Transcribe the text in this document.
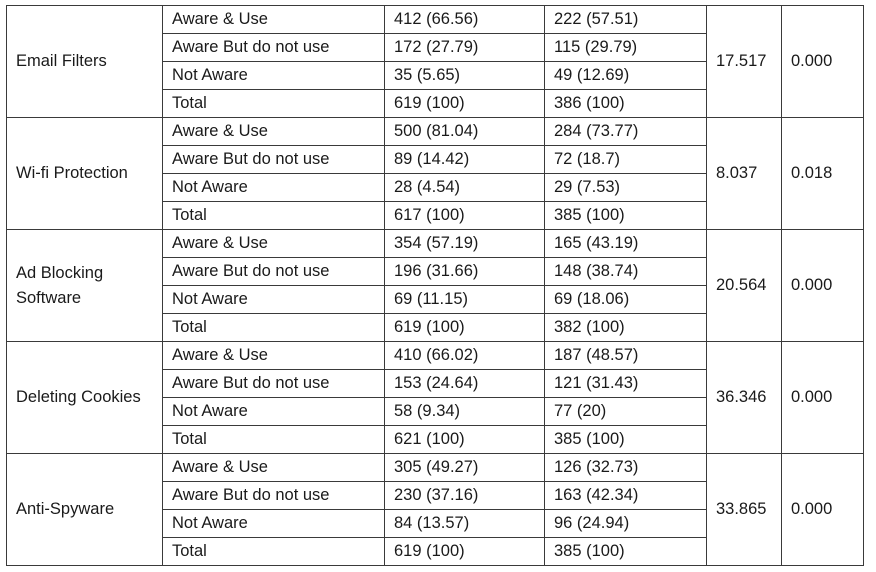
Email Filters	Aware & Use	412 (66.56)	222 (57.51)	17.517	0.000
	Aware But do not use	172 (27.79)	115 (29.79)		
	Not Aware	35 (5.65)	49 (12.69)		
	Total	619 (100)	386 (100)		
Wi-fi Protection	Aware & Use	500 (81.04)	284 (73.77)	8.037	0.018
	Aware But do not use	89 (14.42)	72 (18.7)		
	Not Aware	28 (4.54)	29 (7.53)		
	Total	617 (100)	385 (100)		
Ad Blocking Software	Aware & Use	354 (57.19)	165 (43.19)	20.564	0.000
	Aware But do not use	196 (31.66)	148 (38.74)		
	Not Aware	69 (11.15)	69 (18.06)		
	Total	619 (100)	382 (100)		
Deleting Cookies	Aware & Use	410 (66.02)	187 (48.57)	36.346	0.000
	Aware But do not use	153 (24.64)	121 (31.43)		
	Not Aware	58 (9.34)	77 (20)		
	Total	621 (100)	385 (100)		
Anti-Spyware	Aware & Use	305 (49.27)	126 (32.73)	33.865	0.000
	Aware But do not use	230 (37.16)	163 (42.34)		
	Not Aware	84 (13.57)	96 (24.94)		
	Total	619 (100)	385 (100)		
